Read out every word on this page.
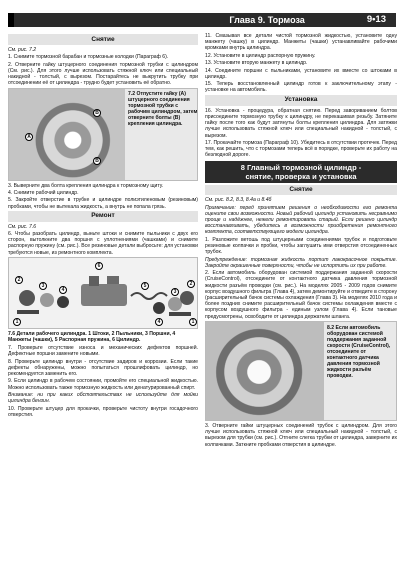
Глава 9. Тормоза	9•13
Снятие
См. рис. 7.2

1. Снимите тормозной барабан и тормозные колодки (Параграф 6).

2. Отверните гайку штуцерного соединения тормозной трубки с цилиндром (См. рис.). Для этого лучше использовать стяжной ключ или специальный накидной - толстый, с вырезом. Постарайтесь не выкрутить трубку при отсоединении её от цилиндра - трудно будет установить её обратно.

A
B
B
7.2 Отпустите гайку (А) штуцерного соединения тормозной трубки с рабочим цилиндром, затем отверните болты (B) крепления цилиндра.

3. Выверните два болта крепления цилиндра к тормозному щиту.

4. Снимите рабочий цилиндр.

5. Закройте отверстие в трубке и цилиндре полиэтиленовым (резиновым) пробками, чтобы не вытекала жидкость, а внутрь не попала грязь.

Ремонт
См. рис. 7.6

6. Чтобы разобрать цилиндр, выньте штоки и снимите пыльники с двух его сторон, вытолкните два поршня с уплотнениями (чашками) и снимите распорную пружину (см. рис.). Все резиновые детали выбросьте: для установки требуются новые, из ремонтного комплекта.

1
2
3
4
6
5
4
3
2
1
7.6 Детали рабочего цилиндра. 1 Штоки, 2 Пыльники, 3 Поршни, 4 Манжеты (чашки), 5 Распорная пружина, 6 Цилиндр.

7. Проверьте отсутствие износа и механических дефектов поршней. Дефектные поршни замените новыми.

8. Проверьте цилиндр внутри - отсутствие задиров и коррозии. Если такие дефекты обнаружены, можно попытаться прошлифовать цилиндр, но рекомендуется заменить его.

9. Если цилиндр в рабочем состоянии, промойте его специальной жидкостью. Можно использовать также тормозную жидкость или денатурированный спирт.

Внимание: ни при каких обстоятельствах не используйте для мойки цилиндра бензин.

10. Проверьте штуцер для прокачки, проверьте чистоту внутри госадочного отверстия.

11. Смазывая все детали чистой тормозной жидкостью, установите одну манжету (чашку) в цилиндр. Манжеты (чашки) устанавливайте рабочими кромками внутрь цилиндра.

12. Установите в цилиндр распорную пружину.

13. Установите вторую манжету в цилиндр.

14. Соедините поршни с пыльниками, установите их вместе со штоками в цилиндр.

15. Теперь восстановленный цилиндр готов к заключительному этапу - установке на автомобиль.

Установка

16. Установка - процедура, обратная снятию. Перед завориванием болтов присоедините тормозную трубку к цилиндру, не перекашивая резьбу. Затяните гайку после того как будут затянуты болты крепления цилиндра. Для затяжки лучше использовать стяжной ключ или специальный накидной - толстый, с вырезом.

17. Прокачайте тормоза (Параграф 10). Убедитесь в отсутствии протечек. Перед тем, как решить, что с тормозами теперь всё в порядке, проверьте их работу на безлюдной дороге.

8 Главный тормозной цилиндр -
снятие, проверка и установка
Снятие
См. рис. 8.2, 8.3, 8.4а и 8.4б

Примечание: перед принятием решения о необходимости его ремонта оцените свои возможности. Новый рабочий цилиндр установить несравнимо проще и надёжнее, нежели ремонтировать старый. Если решено цилиндр восстанавливать, убедитесь в возможности приобретения ремонтного комплекта, соответствующего модели цилиндра.

1. Разложите ветошь под штуцерными соединениями трубок и подготовьте резиновые колпачки и пробки, чтобы заглушить ими отверстия отсоединенных трубок.

Предупреждение: тормозная жидкость портит лакокрасочное покрытие. Закройте окрашенные поверхности, чтобы не испортить их при работе.

2. Если автомобиль оборудован системой поддержания заданной скорости (CruiseControl), отсоедините от контактного датчика давления тормозной жидкости разъём проводки (см. рис.). На моделях 2005 - 2009 годов снимите корпус воздушного фильтра (Глава 4), затем демонтируйте и отведите в сторону (расширительный бачок системы охлаждения (Глава 3). На моделях 2010 года и более поздних снимите расширительный бачок системы охлаждения вместе с корпусом воздушного фильтра - единым узлом (Глава 4). Если тановые предусмотрены, освободите от цилиндра держатели шланга.

8.2 Если автомобиль оборудован системой поддержания заданной скорости (CruiseControl), отсоедините от контактного датчика давления тормозной жидкости разъём проводки.

3. Отверните гайки штуцерных соединений трубок с цилиндром. Для этого лучше использовать стяжной ключ или специальный накидной - толстый, с вырезом для трубки (см. рис.). Отгните слегка трубки от цилиндра, заверните их колпачками. Заткните пробками отверстия в цилиндре.
